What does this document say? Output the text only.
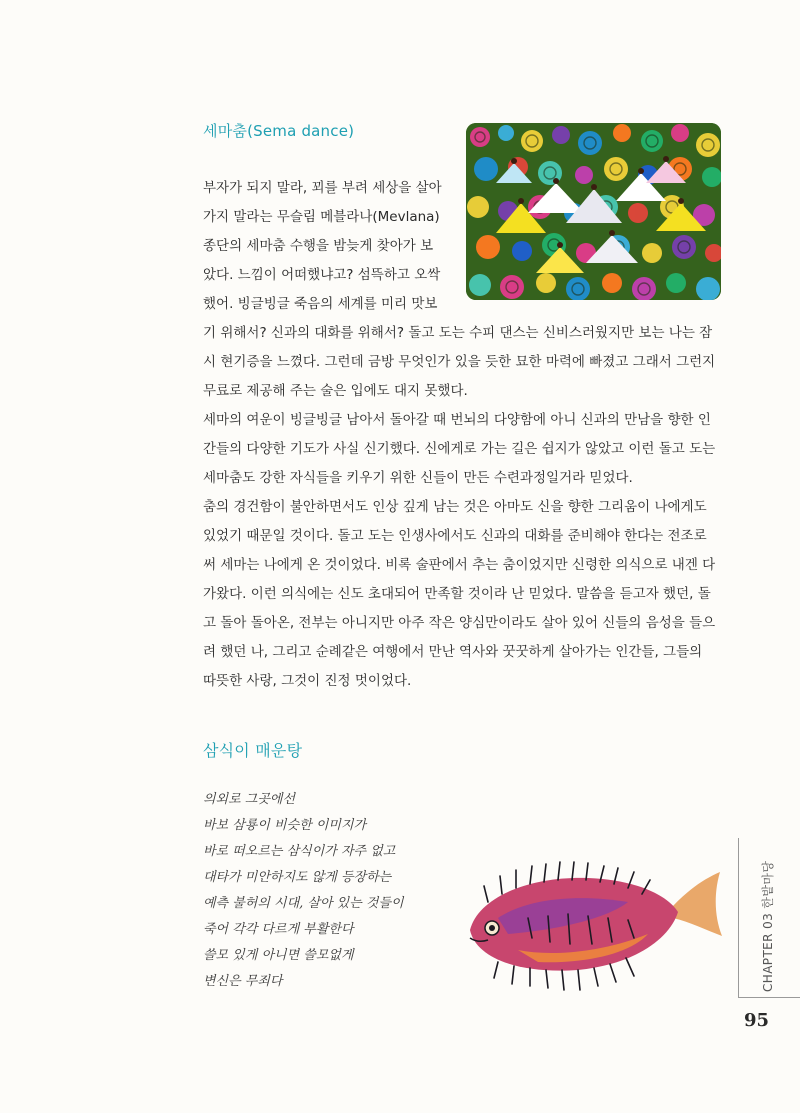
세마춤(Sema dance)
부자가 되지 말라, 꾀를 부려 세상을 살아
가지 말라는 무슬림 메블라나(Mevlana)
종단의 세마춤 수행을 밤늦게 찾아가 보
았다. 느낌이 어떠했냐고? 섬뜩하고 오싹
했어. 빙글빙글 죽음의 세계를 미리 맛보
기 위해서? 신과의 대화를 위해서? 돌고 도는 수피 댄스는 신비스러웠지만 보는 나는 잠
시 현기증을 느꼈다. 그런데 금방 무엇인가 있을 듯한 묘한 마력에 빠졌고 그래서 그런지
무료로 제공해 주는 술은 입에도 대지 못했다.
세마의 여운이 빙글빙글 남아서 돌아갈 때 번뇌의 다양함에 아니 신과의 만남을 향한 인
간들의 다양한 기도가 사실 신기했다. 신에게로 가는 길은 쉽지가 않았고 이런 돌고 도는
세마춤도 강한 자식들을 키우기 위한 신들이 만든 수련과정일거라 믿었다.
춤의 경건함이 불안하면서도 인상 깊게 남는 것은 아마도 신을 향한 그리움이 나에게도
있었기 때문일 것이다. 돌고 도는 인생사에서도 신과의 대화를 준비해야 한다는 전조로
써 세마는 나에게 온 것이었다. 비록 술판에서 추는 춤이었지만 신령한 의식으로 내겐 다
가왔다. 이런 의식에는 신도 초대되어 만족할 것이라 난 믿었다. 말씀을 듣고자 했던, 돌
고 돌아 돌아온, 전부는 아니지만 아주 작은 양심만이라도 살아 있어 신들의 음성을 들으
려 했던 나, 그리고 순례같은 여행에서 만난 역사와 꿋꿋하게 살아가는 인간들, 그들의
따뜻한 사랑, 그것이 진정 멋이었다.
삼식이 매운탕
의외로 그곳에선
바보 삼룡이 비슷한 이미지가
바로 떠오르는 삼식이가 자주 없고
대타가 미안하지도 않게 등장하는
예측 불허의 시대, 살아 있는 것들이
죽어 각각 다르게 부활한다
쓸모 있게 아니면 쓸모없게
변신은 무죄다	CHAPTER 03 한밭마당
95
